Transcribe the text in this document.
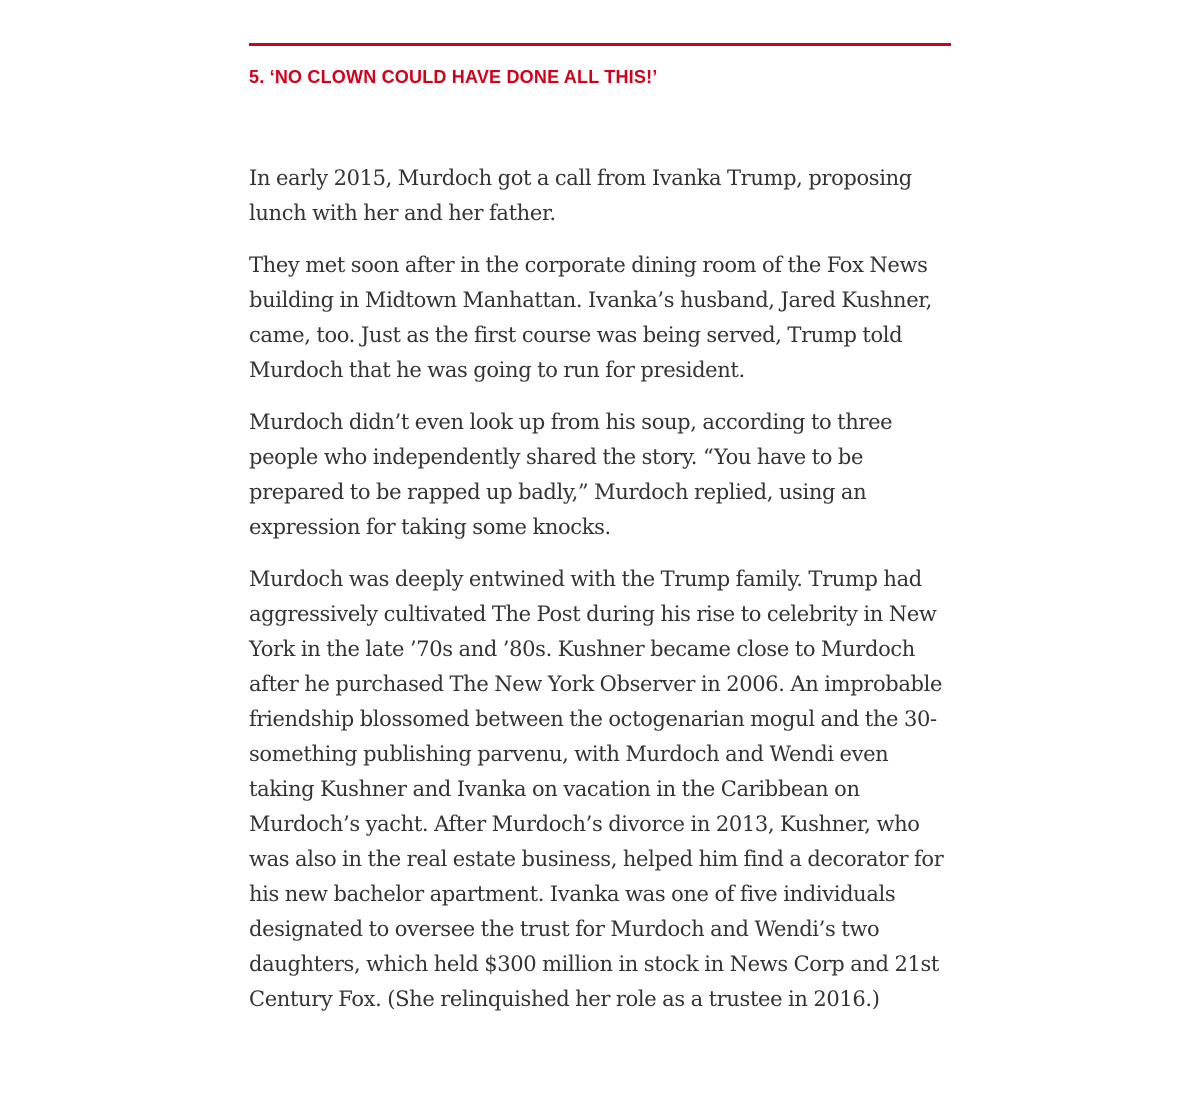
5. ‘NO CLOWN COULD HAVE DONE ALL THIS!’

In early 2015, Murdoch got a call from Ivanka Trump, proposing lunch with her and her father.

They met soon after in the corporate dining room of the Fox News building in Midtown Manhattan. Ivanka’s husband, Jared Kushner, came, too. Just as the first course was being served, Trump told Murdoch that he was going to run for president.

Murdoch didn’t even look up from his soup, according to three people who independently shared the story. “You have to be prepared to be rapped up badly,” Murdoch replied, using an expression for taking some knocks.

Murdoch was deeply entwined with the Trump family. Trump had aggressively cultivated The Post during his rise to celebrity in New York in the late ’70s and ’80s. Kushner became close to Murdoch after he purchased The New York Observer in 2006. An improbable friendship blossomed between the octogenarian mogul and the 30-something publishing parvenu, with Murdoch and Wendi even taking Kushner and Ivanka on vacation in the Caribbean on Murdoch’s yacht. After Murdoch’s divorce in 2013, Kushner, who was also in the real estate business, helped him find a decorator for his new bachelor apartment. Ivanka was one of five individuals designated to oversee the trust for Murdoch and Wendi’s two daughters, which held $300 million in stock in News Corp and 21st Century Fox. (She relinquished her role as a trustee in 2016.)
